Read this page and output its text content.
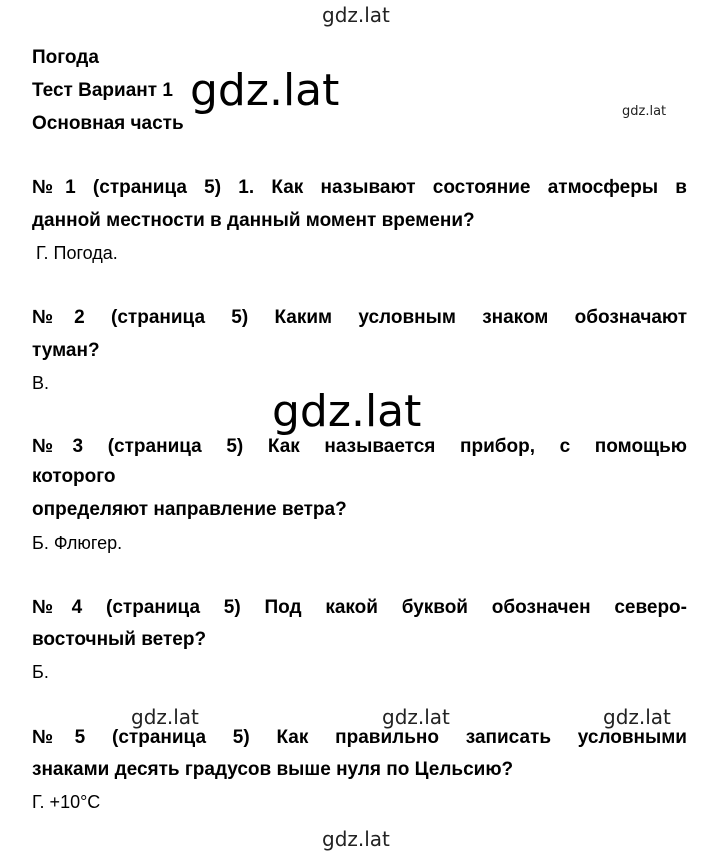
gdz.lat
Погода
Тест Вариант 1
Основная часть
gdz.lat	gdz.lat
№1 (страница 5) 1. Как называют состояние атмосферы в
данной местности в данный момент времени?
Г. Погода.
№2 (страница 5) Каким условным знаком обозначают
туман?
В.
gdz.lat
№3 (страница 5) Как называется прибор, с помощью
которого
определяют направление ветра?
Б. Флюгер.
№4 (страница 5) Под какой буквой обозначен северо-
восточный ветер?
Б.
gdz.lat	gdz.lat	gdz.lat
№5 (страница 5) Как правильно записать условными
знаками десять градусов выше нуля по Цельсию?
Г. +10°C
gdz.lat
